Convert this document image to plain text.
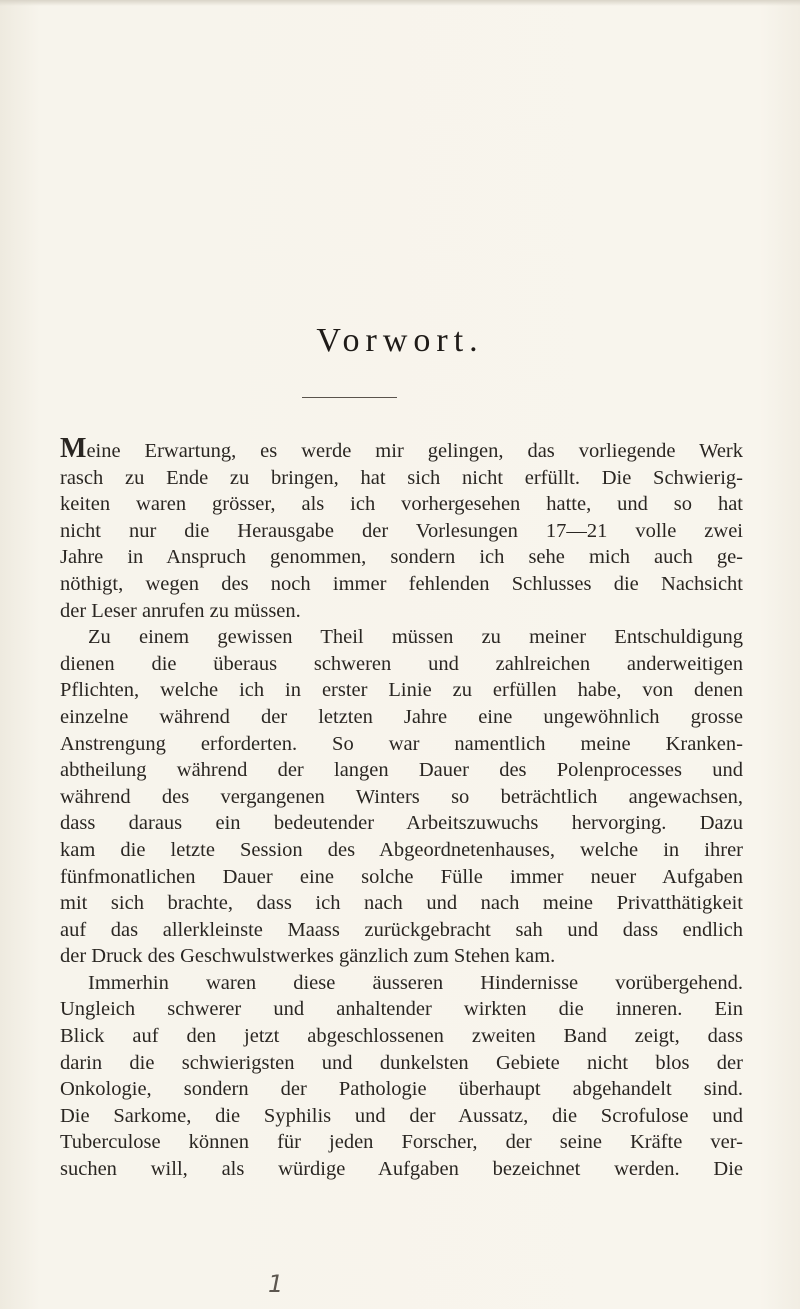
Vorwort.
Meine Erwartung, es werde mir gelingen, das vorliegende Werk
rasch zu Ende zu bringen, hat sich nicht erfüllt. Die Schwierig-
keiten waren grösser, als ich vorhergesehen hatte, und so hat
nicht nur die Herausgabe der Vorlesungen 17—21 volle zwei
Jahre in Anspruch genommen, sondern ich sehe mich auch ge-
nöthigt, wegen des noch immer fehlenden Schlusses die Nachsicht
der Leser anrufen zu müssen.
Zu einem gewissen Theil müssen zu meiner Entschuldigung
dienen die überaus schweren und zahlreichen anderweitigen
Pflichten, welche ich in erster Linie zu erfüllen habe, von denen
einzelne während der letzten Jahre eine ungewöhnlich grosse
Anstrengung erforderten. So war namentlich meine Kranken-
abtheilung während der langen Dauer des Polenprocesses und
während des vergangenen Winters so beträchtlich angewachsen,
dass daraus ein bedeutender Arbeitszuwuchs hervorging. Dazu
kam die letzte Session des Abgeordnetenhauses, welche in ihrer
fünfmonatlichen Dauer eine solche Fülle immer neuer Aufgaben
mit sich brachte, dass ich nach und nach meine Privatthätigkeit
auf das allerkleinste Maass zurückgebracht sah und dass endlich
der Druck des Geschwulstwerkes gänzlich zum Stehen kam.
Immerhin waren diese äusseren Hindernisse vorübergehend.
Ungleich schwerer und anhaltender wirkten die inneren. Ein
Blick auf den jetzt abgeschlossenen zweiten Band zeigt, dass
darin die schwierigsten und dunkelsten Gebiete nicht blos der
Onkologie, sondern der Pathologie überhaupt abgehandelt sind.
Die Sarkome, die Syphilis und der Aussatz, die Scrofulose und
Tuberculose können für jeden Forscher, der seine Kräfte ver-
suchen will, als würdige Aufgaben bezeichnet werden. Die
1
